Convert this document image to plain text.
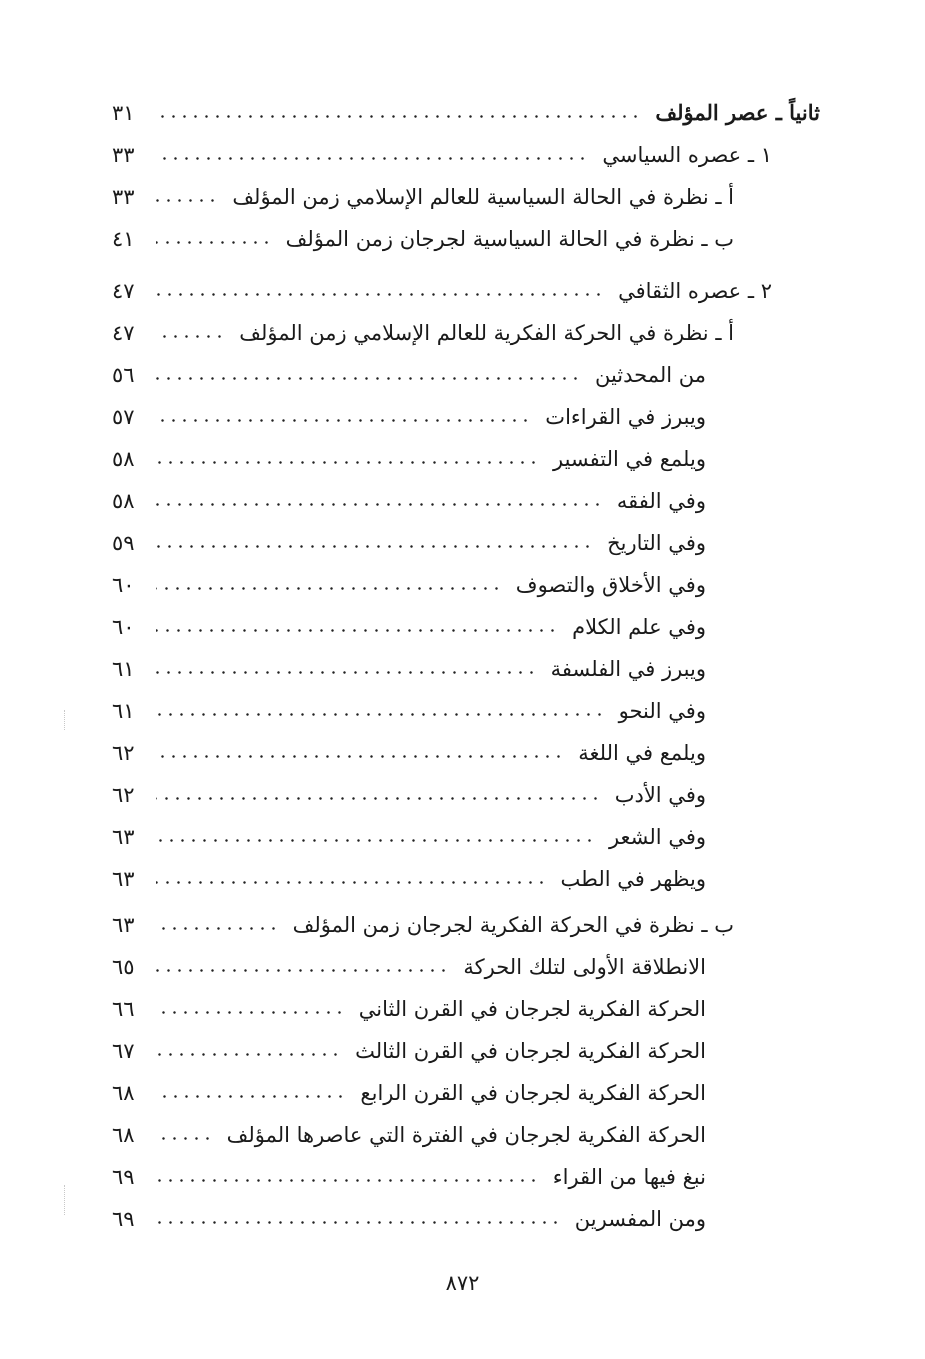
ثانياً ـ عصر المؤلف
٣١
١ ـ عصره السياسي
٣٣
أ ـ نظرة في الحالة السياسية للعالم الإسلامي زمن المؤلف
٣٣
ب ـ نظرة في الحالة السياسية لجرجان زمن المؤلف
٤١
٢ ـ عصره الثقافي
٤٧
أ ـ نظرة في الحركة الفكرية للعالم الإسلامي زمن المؤلف
٤٧
من المحدثين
٥٦
ويبرز في القراءات
٥٧
ويلمع في التفسير
٥٨
وفي الفقه
٥٨
وفي التاريخ
٥٩
وفي الأخلاق والتصوف
٦٠
وفي علم الكلام
٦٠
ويبرز في الفلسفة
٦١
وفي النحو
٦١
ويلمع في اللغة
٦٢
وفي الأدب
٦٢
وفي الشعر
٦٣
ويظهر في الطب
٦٣
ب ـ نظرة في الحركة الفكرية لجرجان زمن المؤلف
٦٣
الانطلاقة الأولى لتلك الحركة
٦٥
الحركة الفكرية لجرجان في القرن الثاني
٦٦
الحركة الفكرية لجرجان في القرن الثالث
٦٧
الحركة الفكرية لجرجان في القرن الرابع
٦٨
الحركة الفكرية لجرجان في الفترة التي عاصرها المؤلف
٦٨
نبغ فيها من القراء
٦٩
ومن المفسرين
٦٩
٨٧٢
